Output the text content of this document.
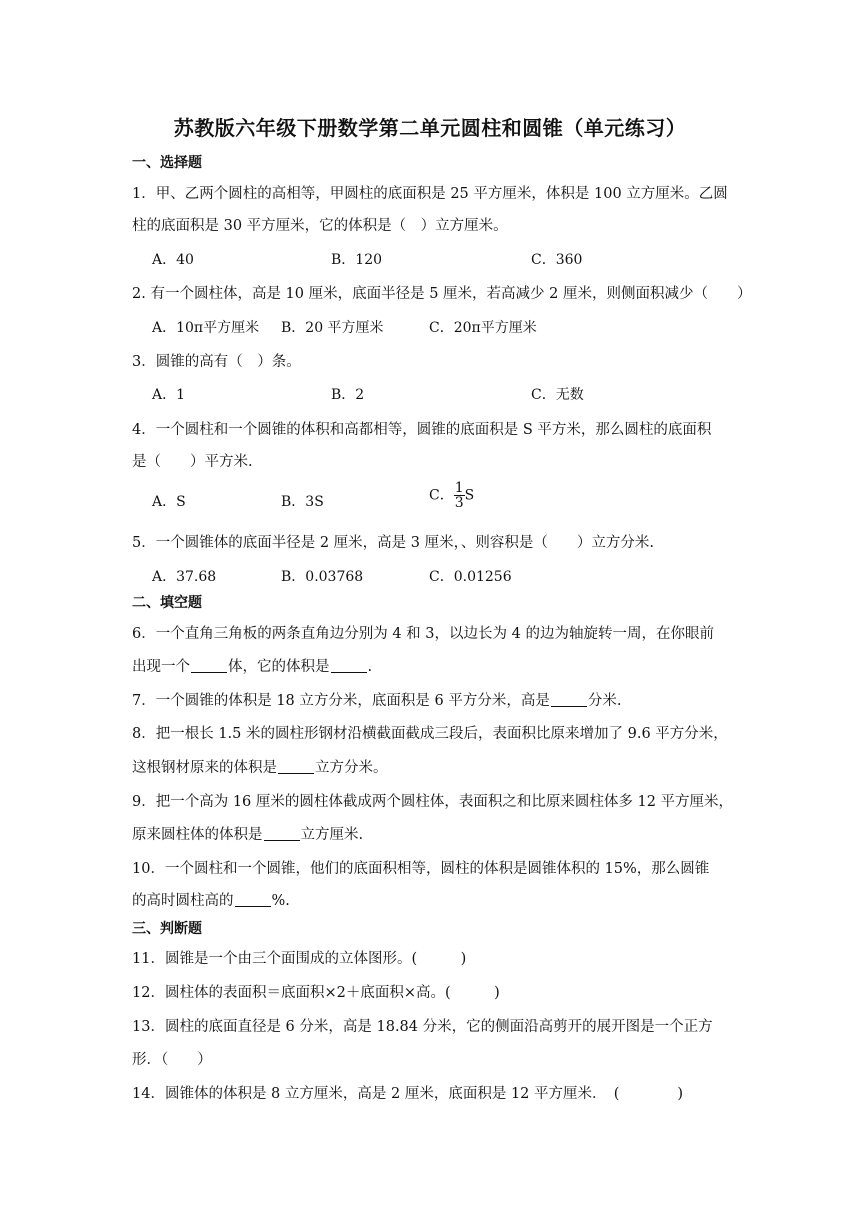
苏教版六年级下册数学第二单元圆柱和圆锥（单元练习）
一、选择题
1．甲、乙两个圆柱的高相等，甲圆柱的底面积是 25 平方厘米，体积是 100 立方厘米。乙圆
柱的底面积是 30 平方厘米，它的体积是（　）立方厘米。
A．40	B．120	C．360
2. 有一个圆柱体，高是 10 厘米，底面半径是 5 厘米，若高减少 2 厘米，则侧面积减少（　　）
A．10π平方厘米 B．20 平方厘米	C．20π平方厘米
3．圆锥的高有（　）条。
A．1	B．2	C．无数
4．一个圆柱和一个圆锥的体积和高都相等，圆锥的底面积是 S 平方米，那么圆柱的底面积
是（　　）平方米.
A．S	B．3S	C． $\frac{1}{3}$ S
5．一个圆锥体的底面半径是 2 厘米，高是 3 厘米，、则容积是（　　）立方分米.
A．37.68	B．0.03768	C．0.01256
二、填空题
6．一个直角三角板的两条直角边分别为 4 和 3，以边长为 4 的边为轴旋转一周，在你眼前
出现一个	体，它的体积是	.
7．一个圆锥的体积是 18 立方分米，底面积是 6 平方分米，高是	分米.
8．把一根长 1.5 米的圆柱形钢材沿横截面截成三段后，表面积比原来增加了 9.6 平方分米，
这根钢材原来的体积是	立方分米。
9．把一个高为 16 厘米的圆柱体截成两个圆柱体，表面积之和比原来圆柱体多 12 平方厘米，
原来圆柱体的体积是	立方厘米.
10．一个圆柱和一个圆锥，他们的底面积相等，圆柱的体积是圆锥体积的 15%，那么圆锥
的高时圆柱高的	%.
三、判断题
11．圆锥是一个由三个面围成的立体图形。(　　　)
12．圆柱体的表面积＝底面积×2＋底面积×高。(　　　)
13．圆柱的底面直径是 6 分米，高是 18.84 分米，它的侧面沿高剪开的展开图是一个正方
形．（　　）
14．圆锥体的体积是 8 立方厘米，高是 2 厘米，底面积是 12 平方厘米．　(　　　　)
